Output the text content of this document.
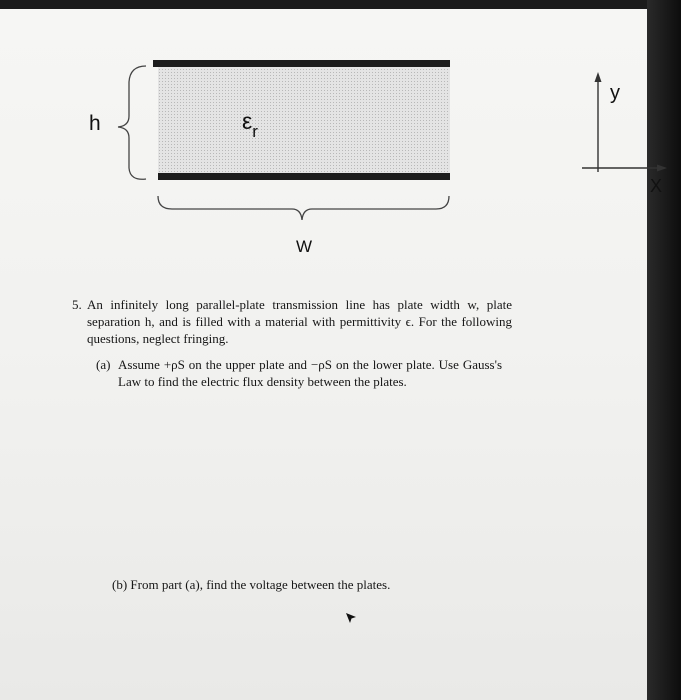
h	$\varepsilon_r$
W
y
X
5. An infinitely long parallel-plate transmission line has plate width w, plate separation h, and is filled with a material with permittivity ϵ. For the following questions, neglect fringing.
(a) Assume +ρS on the upper plate and −ρS on the lower plate. Use Gauss's Law to find the electric flux density between the plates.
(b) From part (a), find the voltage between the plates.
